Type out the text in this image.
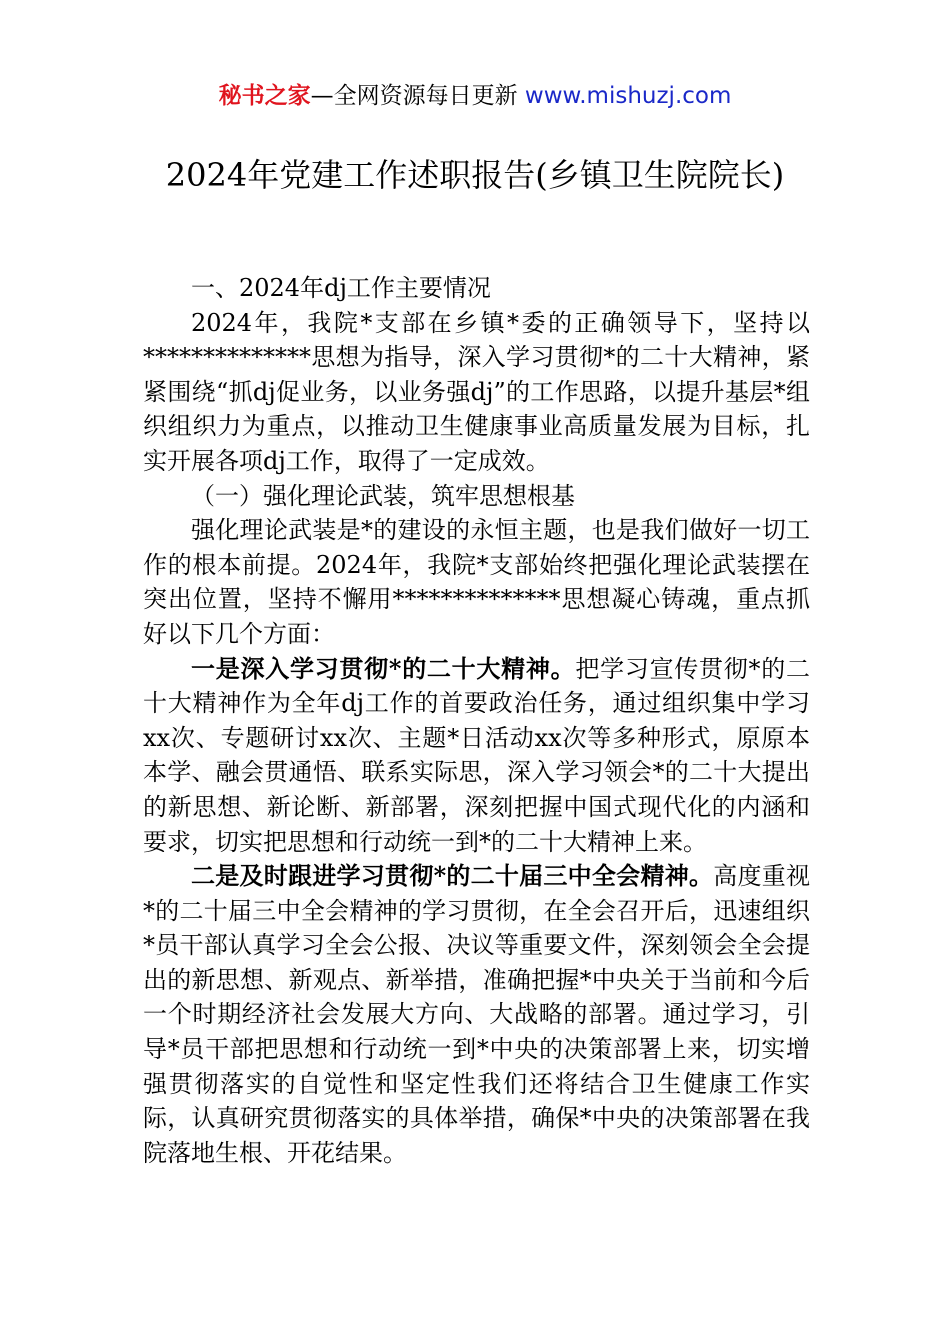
秘书之家—全网资源每日更新 www.mishuzj.com
2024年党建工作述职报告(乡镇卫生院院长)

一、2024年dj工作主要情况

2024年，我院*支部在乡镇*委的正确领导下，坚持以**************思想为指导，深入学习贯彻*的二十大精神，紧紧围绕“抓dj促业务，以业务强dj”的工作思路，以提升基层*组织组织力为重点，以推动卫生健康事业高质量发展为目标，扎实开展各项dj工作，取得了一定成效。

（一）强化理论武装，筑牢思想根基

强化理论武装是*的建设的永恒主题，也是我们做好一切工作的根本前提。2024年，我院*支部始终把强化理论武装摆在突出位置，坚持不懈用**************思想凝心铸魂，重点抓好以下几个方面：

一是深入学习贯彻*的二十大精神。把学习宣传贯彻*的二十大精神作为全年dj工作的首要政治任务，通过组织集中学习xx次、专题研讨xx次、主题*日活动xx次等多种形式，原原本本学、融会贯通悟、联系实际思，深入学习领会*的二十大提出的新思想、新论断、新部署，深刻把握中国式现代化的内涵和要求，切实把思想和行动统一到*的二十大精神上来。

二是及时跟进学习贯彻*的二十届三中全会精神。高度重视*的二十届三中全会精神的学习贯彻，在全会召开后，迅速组织*员干部认真学习全会公报、决议等重要文件，深刻领会全会提出的新思想、新观点、新举措，准确把握*中央关于当前和今后一个时期经济社会发展大方向、大战略的部署。通过学习，引导*员干部把思想和行动统一到*中央的决策部署上来，切实增强贯彻落实的自觉性和坚定性我们还将结合卫生健康工作实际，认真研究贯彻落实的具体举措，确保*中央的决策部署在我院落地生根、开花结果。
